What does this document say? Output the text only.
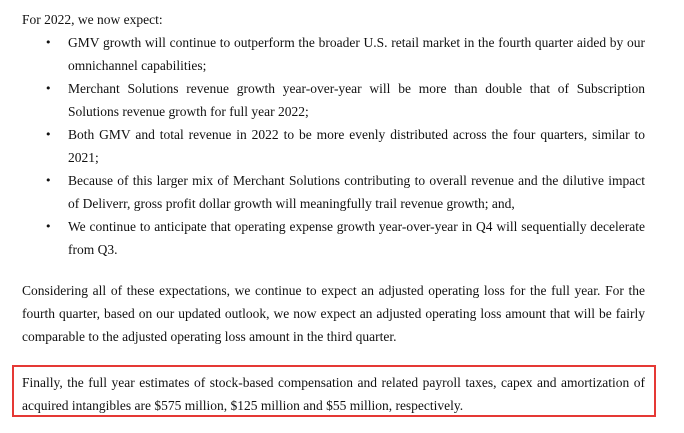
For 2022, we now expect:

• GMV growth will continue to outperform the broader U.S. retail market in the fourth quarter aided by our omnichannel capabilities;
• Merchant Solutions revenue growth year-over-year will be more than double that of Subscription Solutions revenue growth for full year 2022;
• Both GMV and total revenue in 2022 to be more evenly distributed across the four quarters, similar to 2021;
• Because of this larger mix of Merchant Solutions contributing to overall revenue and the dilutive impact of Deliverr, gross profit dollar growth will meaningfully trail revenue growth; and,
• We continue to anticipate that operating expense growth year-over-year in Q4 will sequentially decelerate from Q3.

Considering all of these expectations, we continue to expect an adjusted operating loss for the full year. For the fourth quarter, based on our updated outlook, we now expect an adjusted operating loss amount that will be fairly comparable to the adjusted operating loss amount in the third quarter.

Finally, the full year estimates of stock-based compensation and related payroll taxes, capex and amortization of acquired intangibles are $575 million, $125 million and $55 million, respectively.
